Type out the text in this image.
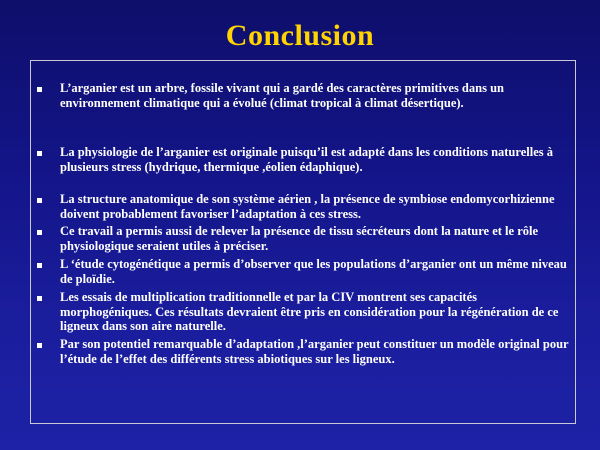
Conclusion
L’arganier est un arbre, fossile vivant qui a gardé des caractères primitives dans un environnement climatique qui a évolué (climat tropical à climat désertique).
La physiologie de l’arganier est originale puisqu’il est adapté dans les conditions naturelles à plusieurs stress (hydrique, thermique ,éolien édaphique).
La structure anatomique de son système aérien , la présence de symbiose endomycorhizienne doivent probablement favoriser l’adaptation à ces stress.
Ce travail a permis aussi de relever la présence de tissu sécréteurs dont la nature et le rôle physiologique seraient utiles à préciser.
L ‘étude cytogénétique a permis d’observer que les populations d’arganier ont un même niveau de ploïdie.
Les essais de multiplication traditionnelle et par la CIV montrent ses capacités morphogéniques. Ces résultats devraient être pris en considération pour la régénération de ce ligneux dans son aire naturelle.
Par son potentiel remarquable d’adaptation ,l’arganier peut constituer un modèle original pour l’étude de l’effet des différents stress abiotiques sur les ligneux.
